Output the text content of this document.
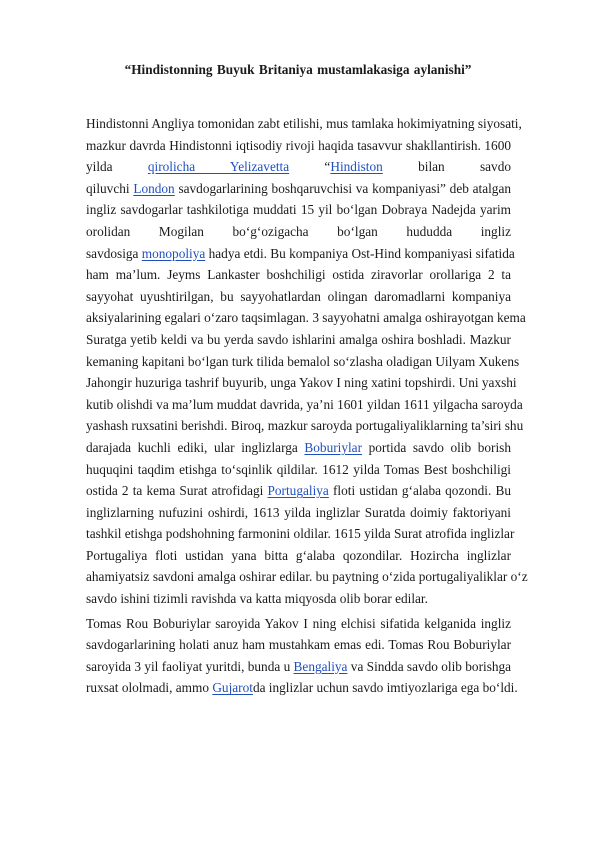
“Hindistonning Buyuk Britaniya mustamlakasiga aylanishi”
Hindistonni Angliya tomonidan zabt etilishi, mus tamlaka hokimiyatning siyosati,
mazkur davrda Hindistonni iqtisodiy rivoji haqida tasavvur shakllantirish. 1600
yilda qirolicha Yelizavetta “Hindiston bilan savdo
qiluvchi London savdogarlarining boshqaruvchisi va kompaniyasi” deb atalgan
ingliz savdogarlar tashkilotiga muddati 15 yil bo‘lgan Dobraya Nadejda yarim
orolidan Mogilan bo‘g‘ozigacha bo‘lgan hududda ingliz
savdosiga monopoliya hadya etdi. Bu kompaniya Ost-Hind kompaniyasi sifatida
ham ma’lum. Jeyms Lankaster boshchiligi ostida ziravorlar orollariga 2 ta
sayyohat uyushtirilgan, bu sayyohatlardan olingan daromadlarni kompaniya
aksiyalarining egalari o‘zaro taqsimlagan. 3 sayyohatni amalga oshirayotgan kema
Suratga yetib keldi va bu yerda savdo ishlarini amalga oshira boshladi. Mazkur
kemaning kapitani bo‘lgan turk tilida bemalol so‘zlasha oladigan Uilyam Xukens
Jahongir huzuriga tashrif buyurib, unga Yakov I ning xatini topshirdi. Uni yaxshi
kutib olishdi va ma’lum muddat davrida, ya’ni 1601 yildan 1611 yilgacha saroyda
yashash ruxsatini berishdi. Biroq, mazkur saroyda portugaliyaliklarning ta’siri shu
darajada kuchli ediki, ular inglizlarga Boburiylar portida savdo olib borish
huquqini taqdim etishga to‘sqinlik qildilar. 1612 yilda Tomas Best boshchiligi
ostida 2 ta kema Surat atrofidagi Portugaliya floti ustidan g‘alaba qozondi. Bu
inglizlarning nufuzini oshirdi, 1613 yilda inglizlar Suratda doimiy faktoriyani
tashkil etishga podshohning farmonini oldilar. 1615 yilda Surat atrofida inglizlar
Portugaliya floti ustidan yana bitta g‘alaba qozondilar. Hozircha inglizlar
ahamiyatsiz savdoni amalga oshirar edilar. bu paytning o‘zida portugaliyaliklar o‘z
savdo ishini tizimli ravishda va katta miqyosda olib borar edilar.
Tomas Rou Boburiylar saroyida Yakov I ning elchisi sifatida kelganida ingliz
savdogarlarining holati anuz ham mustahkam emas edi. Tomas Rou Boburiylar
saroyida 3 yil faoliyat yuritdi, bunda u Bengaliya va Sindda savdo olib borishga
ruxsat ololmadi, ammo Gujarotda inglizlar uchun savdo imtiyozlariga ega bo‘ldi.
